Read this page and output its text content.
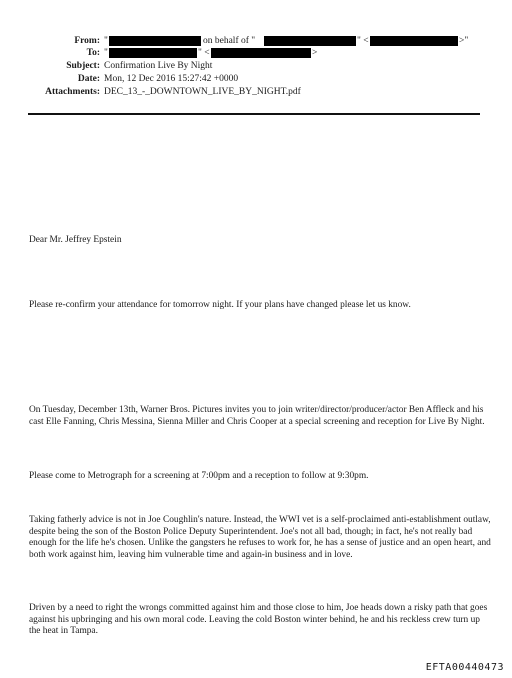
From: "	on behalf of "	" <	>"
To: "	" <	>
Subject: Confirmation Live By Night
Date: Mon, 12 Dec 2016 15:27:42 +0000
Attachments: DEC_13_-_DOWNTOWN_LIVE_BY_NIGHT.pdf
Dear Mr. Jeffrey Epstein
Please re-confirm your attendance for tomorrow night. If your plans have changed please let us know.
On Tuesday, December 13th, Warner Bros. Pictures invites you to join writer/director/producer/actor Ben Affleck and his cast Elle Fanning, Chris Messina, Sienna Miller and Chris Cooper at a special screening and reception for Live By Night.
Please come to Metrograph for a screening at 7:00pm and a reception to follow at 9:30pm.
Taking fatherly advice is not in Joe Coughlin's nature. Instead, the WWI vet is a self-proclaimed anti-establishment outlaw, despite being the son of the Boston Police Deputy Superintendent. Joe's not all bad, though; in fact, he's not really bad enough for the life he's chosen. Unlike the gangsters he refuses to work for, he has a sense of justice and an open heart, and both work against him, leaving him vulnerable time and again-in business and in love.
Driven by a need to right the wrongs committed against him and those close to him, Joe heads down a risky path that goes against his upbringing and his own moral code. Leaving the cold Boston winter behind, he and his reckless crew turn up the heat in Tampa.
EFTA00440473
